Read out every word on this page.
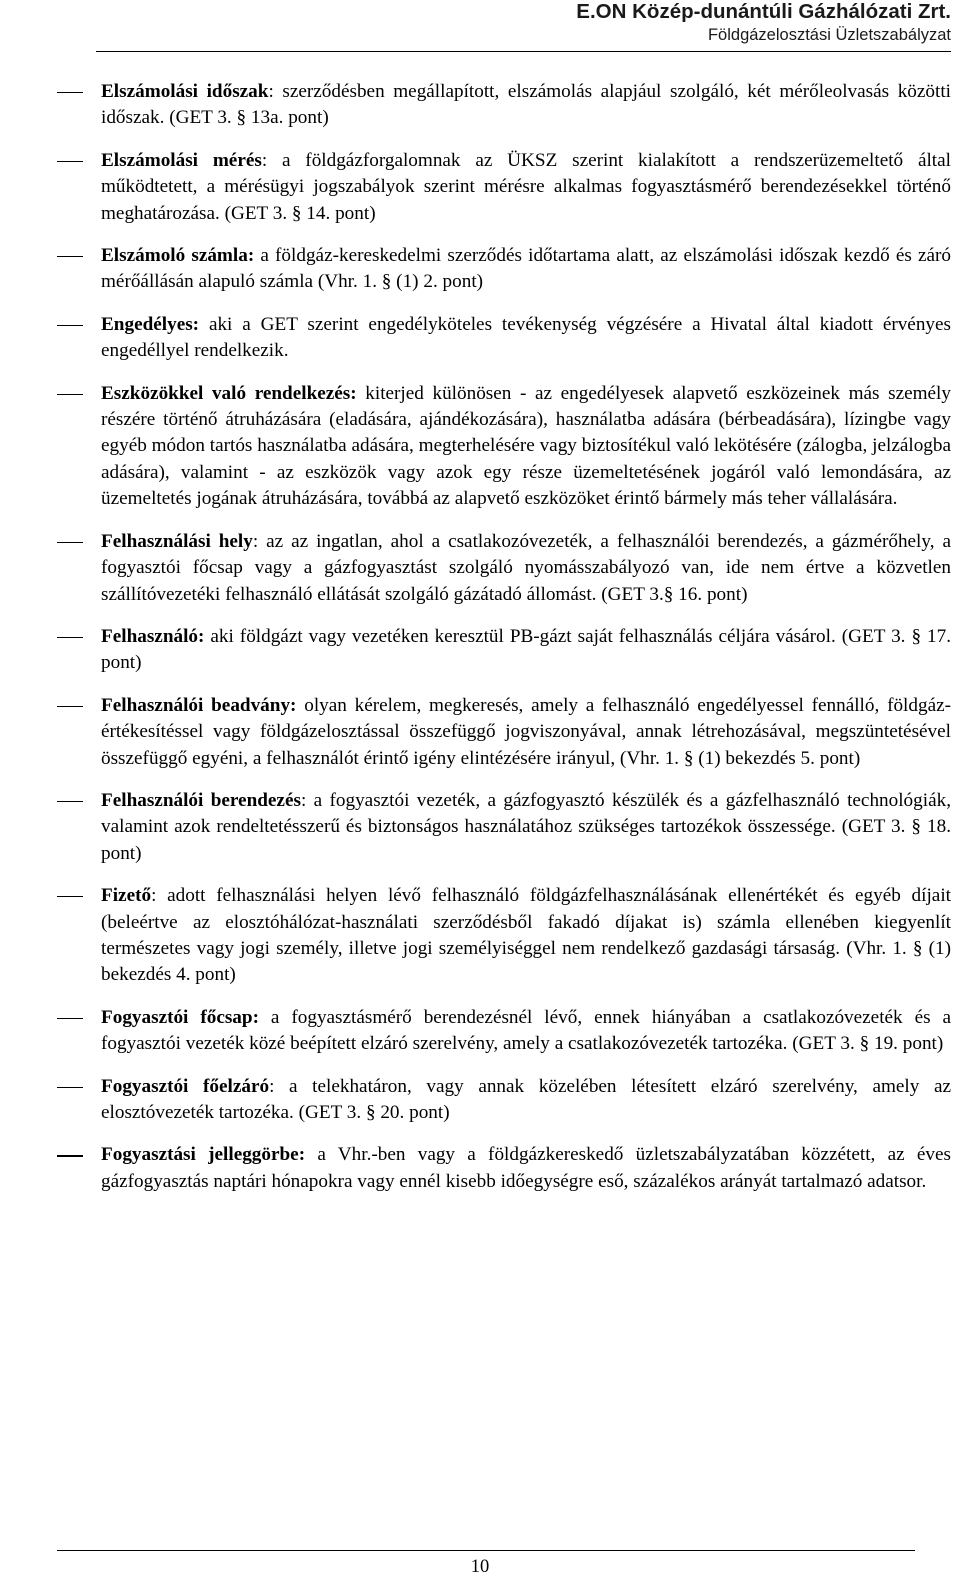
E.ON Közép-dunántúli Gázhálózati Zrt.
Földgázelosztási Üzletszabályzat
Elszámolási időszak: szerződésben megállapított, elszámolás alapjául szolgáló, két mérőleolvasás közötti időszak. (GET 3. § 13a. pont)
Elszámolási mérés: a földgázforgalomnak az ÜKSZ szerint kialakított a rendszerüzemeltető által működtetett, a mérésügyi jogszabályok szerint mérésre alkalmas fogyasztásmérő berendezésekkel történő meghatározása. (GET 3. § 14. pont)
Elszámoló számla: a földgáz-kereskedelmi szerződés időtartama alatt, az elszámolási időszak kezdő és záró mérőállásán alapuló számla (Vhr. 1. § (1) 2. pont)
Engedélyes: aki a GET szerint engedélyköteles tevékenység végzésére a Hivatal által kiadott érvényes engedéllyel rendelkezik.
Eszközökkel való rendelkezés: kiterjed különösen - az engedélyesek alapvető eszközeinek más személy részére történő átruházására (eladására, ajándékozására), használatba adására (bérbeadására), lízingbe vagy egyéb módon tartós használatba adására, megterhelésére vagy biztosítékul való lekötésére (zálogba, jelzálogba adására), valamint - az eszközök vagy azok egy része üzemeltetésének jogáról való lemondására, az üzemeltetés jogának átruházására, továbbá az alapvető eszközöket érintő bármely más teher vállalására.
Felhasználási hely: az az ingatlan, ahol a csatlakozóvezeték, a felhasználói berendezés, a gázmérőhely, a fogyasztói főcsap vagy a gázfogyasztást szolgáló nyomásszabályozó van, ide nem értve a közvetlen szállítóvezetéki felhasználó ellátását szolgáló gázátadó állomást. (GET 3.§ 16. pont)
Felhasználó: aki földgázt vagy vezetéken keresztül PB-gázt saját felhasználás céljára vásárol. (GET 3. § 17. pont)
Felhasználói beadvány: olyan kérelem, megkeresés, amely a felhasználó engedélyessel fennálló, földgáz-értékesítéssel vagy földgázelosztással összefüggő jogviszonyával, annak létrehozásával, megszüntetésével összefüggő egyéni, a felhasználót érintő igény elintézésére irányul, (Vhr. 1. § (1) bekezdés 5. pont)
Felhasználói berendezés: a fogyasztói vezeték, a gázfogyasztó készülék és a gázfelhasználó technológiák, valamint azok rendeltetésszerű és biztonságos használatához szükséges tartozékok összessége. (GET 3. § 18. pont)
Fizető: adott felhasználási helyen lévő felhasználó földgázfelhasználásának ellenértékét és egyéb díjait (beleértve az elosztóhálózat-használati szerződésből fakadó díjakat is) számla ellenében kiegyenlít természetes vagy jogi személy, illetve jogi személyiséggel nem rendelkező gazdasági társaság. (Vhr. 1. § (1) bekezdés 4. pont)
Fogyasztói főcsap: a fogyasztásmérő berendezésnél lévő, ennek hiányában a csatlakozóvezeték és a fogyasztói vezeték közé beépített elzáró szerelvény, amely a csatlakozóvezeték tartozéka. (GET 3. § 19. pont)
Fogyasztói főelzáró: a telekhatáron, vagy annak közelében létesített elzáró szerelvény, amely az elosztóvezeték tartozéka. (GET 3. § 20. pont)
Fogyasztási jelleggörbe: a Vhr.-ben vagy a földgázkereskedő üzletszabályzatában közzétett, az éves gázfogyasztás naptári hónapokra vagy ennél kisebb időegységre eső, százalékos arányát tartalmazó adatsor.
10
